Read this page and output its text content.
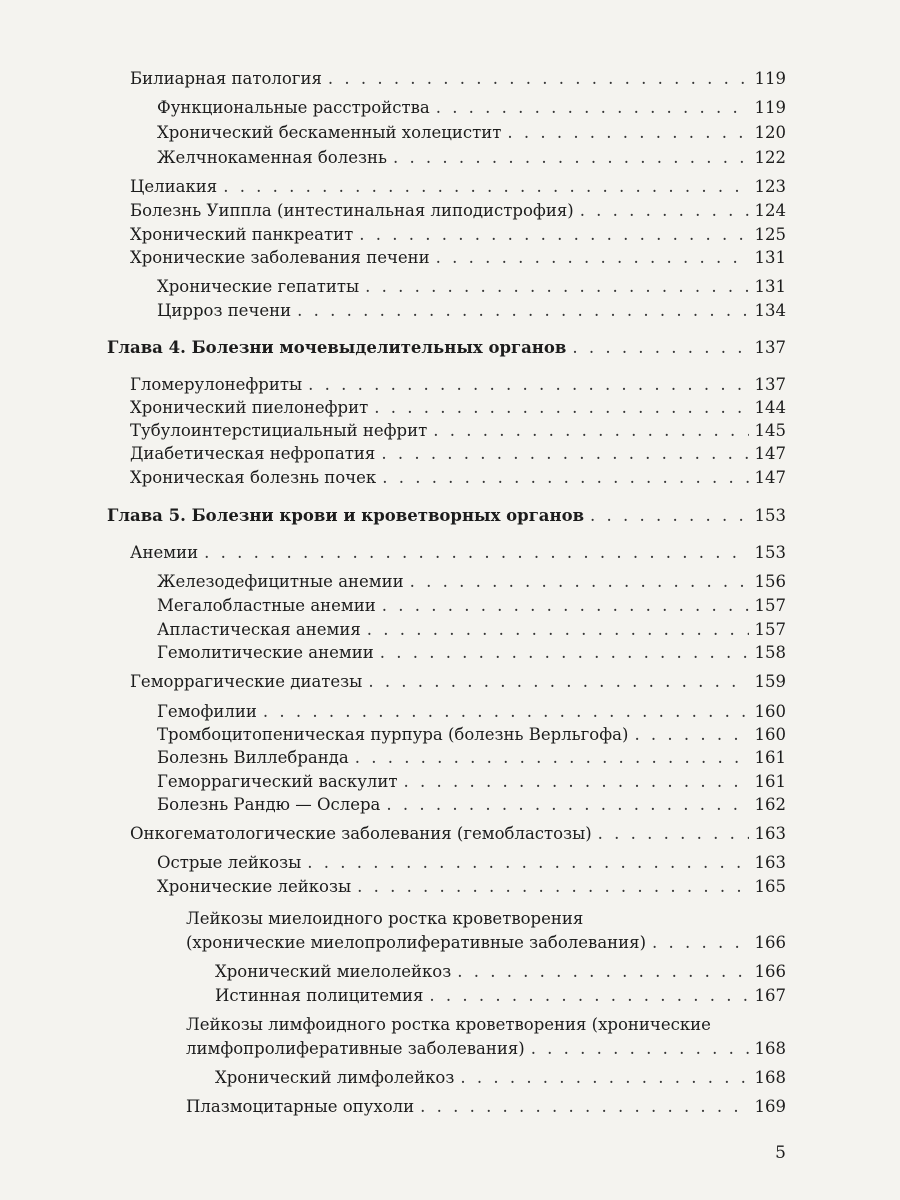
Билиарная патология . . .	119
Функциональные расстройства . . .	119
Хронический бескаменный холецистит . . .	120
Желчнокаменная болезнь . . .	122
Целиакия . . .	123
Болезнь Уиппла (интестинальная липодистрофия) . . .	124
Хронический панкреатит . . .	125
Хронические заболевания печени . . .	131
Хронические гепатиты . . .	131
Цирроз печени . . .	134
Глава 4. Болезни мочевыделительных органов . . .	137
Гломерулонефриты . . .	137
Хронический пиелонефрит . . .	144
Тубулоинтерстициальный нефрит . . .	145
Диабетическая нефропатия . . .	147
Хроническая болезнь почек . . .	147
Глава 5. Болезни крови и кроветворных органов . . .	153
Анемии . . .	153
Железодефицитные анемии . . .	156
Мегалобластные анемии . . .	157
Апластическая анемия . . .	157
Гемолитические анемии . . .	158
Геморрагические диатезы . . .	159
Гемофилии . . .	160
Тромбоцитопеническая пурпура (болезнь Верльгофа) . . .	160
Болезнь Виллебранда . . .	161
Геморрагический васкулит . . .	161
Болезнь Рандю — Ослера . . .	162
Онкогематологические заболевания (гемобластозы) . . .	163
Острые лейкозы . . .	163
Хронические лейкозы . . .	165
Лейкозы миелоидного ростка кроветворения
(хронические миелопролиферативные заболевания) . . .	166
Хронический миелолейкоз . . .	166
Истинная полицитемия . . .	167
Лейкозы лимфоидного ростка кроветворения (хронические
лимфопролиферативные заболевания) . . .	168
Хронический лимфолейкоз . . .	168
Плазмоцитарные опухоли . . .	169
5
